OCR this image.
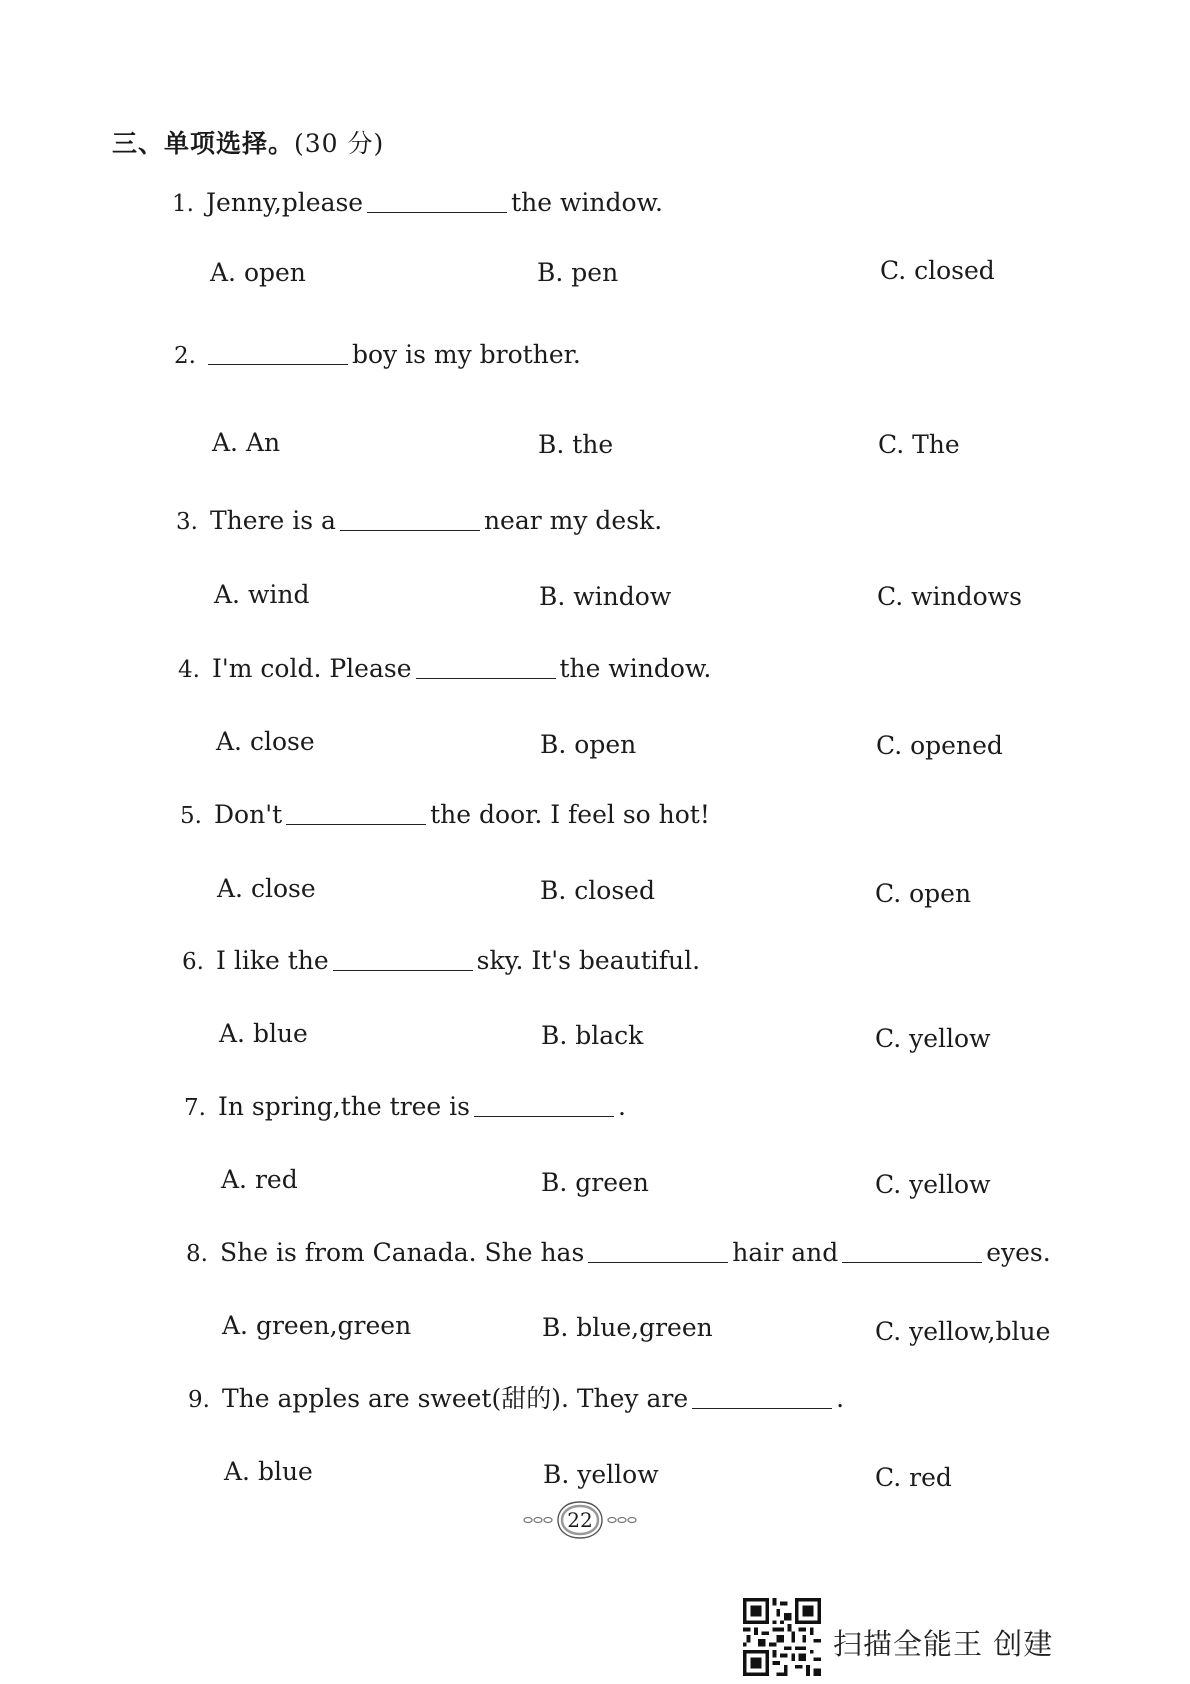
三、单项选择。(30 分)
1. Jenny,please	the window.
A. open	B. pen	C. closed
2.	boy is my brother.
A. An	B. the	C. The
3. There is a	near my desk.
A. wind	B. window	C. windows
4. I'm cold. Please	the window.
A. close	B. open	C. opened
5. Don't	the door. I feel so hot!
A. close	B. closed	C. open
6. I like the	sky. It's beautiful.
A. blue	B. black	C. yellow
7. In spring,the tree is	.
A. red	B. green	C. yellow
8. She is from Canada. She has	hair and	eyes.
A. green,green	B. blue,green	C. yellow,blue
9. The apples are sweet(甜的). They are	.
A. blue	B. yellow	C. red
22
扫描全能王 创建
